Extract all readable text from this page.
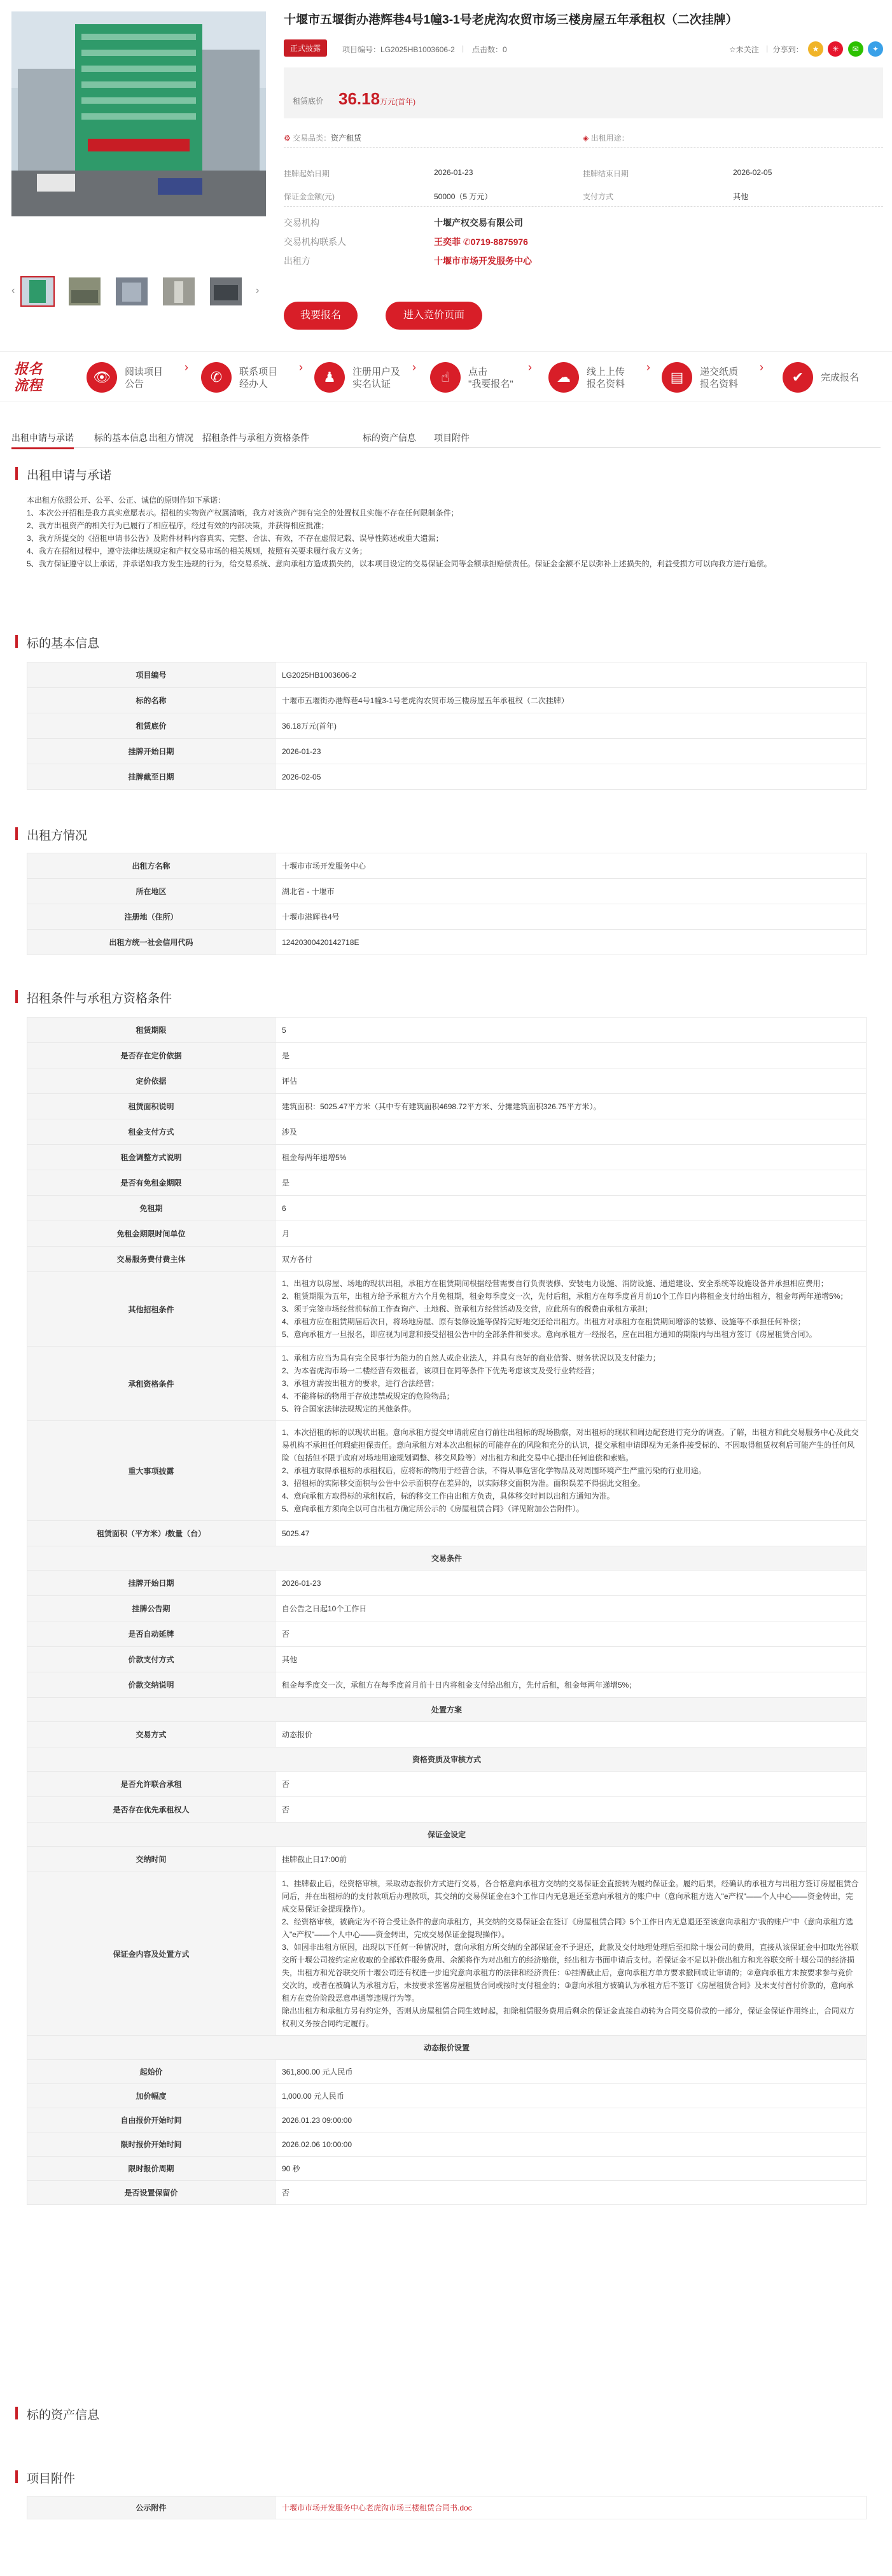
‹	›
十堰市五堰街办港辉巷4号1幢3-1号老虎沟农贸市场三楼房屋五年承租权（二次挂牌）
正式披露	项目编号：LG2025HB1003606-2 | 点击数：0	☆未关注 | 分享到： ★ ✳ ✉ ✦
租赁底价 36.18万元(首年)
⚙ 交易品类：资产租赁	◈ 出租用途：
挂牌起始日期	2026-01-23	挂牌结束日期	2026-02-05
保证金金额(元)	50000（5 万元）	支付方式	其他
交易机构	十堰产权交易有限公司
交易机构联系人	王奕菲 ✆0719-8875976
出租方	十堰市市场开发服务中心
我要报名	进入竞价页面
报名
流程
👁	阅读项目
公告
›
✆	联系项目
经办人
›
♟	注册用户及
实名认证
›
☝	点击
"我要报名"
›
☁	线上上传
报名资料
›
▤	递交纸质
报名资料
›
✔	完成报名
出租申请与承诺 标的基本信息 出租方情况 招租条件与承租方资格条件	标的资产信息 项目附件
出租申请与承诺
本出租方依照公开、公平、公正、诚信的原则作如下承诺：
1、本次公开招租是我方真实意愿表示。招租的实物资产权属清晰，我方对该资产拥有完全的处置权且实施不存在任何限制条件；
2、我方出租资产的相关行为已履行了相应程序，经过有效的内部决策，并获得相应批准；
3、我方所提交的《招租申请书公告》及附件材料内容真实、完整、合法、有效，不存在虚假记载、误导性陈述或重大遗漏；
4、我方在招租过程中，遵守法律法规规定和产权交易市场的相关规则，按照有关要求履行我方义务；
5、我方保证遵守以上承诺，并承诺如我方发生违规的行为，给交易系统、意向承租方造成损失的，以本项目设定的交易保证金同等金额承担赔偿责任。保证金金额不足以弥补上述损失的，利益受损方可以向我方进行追偿。
标的基本信息
项目编号	LG2025HB1003606-2
标的名称	十堰市五堰街办港辉巷4号1幢3-1号老虎沟农贸市场三楼房屋五年承租权（二次挂牌）
租赁底价	36.18万元(首年)
挂牌开始日期	2026-01-23
挂牌截至日期	2026-02-05
出租方情况
出租方名称	十堰市市场开发服务中心
所在地区	湖北省 - 十堰市
注册地（住所）	十堰市港辉巷4号
出租方统一社会信用代码	12420300420142718E
招租条件与承租方资格条件
租赁期限	5
是否存在定价依据	是
定价依据	评估
租赁面积说明	建筑面积：5025.47平方米（其中专有建筑面积4698.72平方米、分摊建筑面积326.75平方米）。
租金支付方式	涉及
租金调整方式说明	租金每两年递增5%
是否有免租金期限	是
免租期	6
免租金期限时间单位	月
交易服务费付费主体	双方各付
其他招租条件	1、出租方以房屋、场地的现状出租，承租方在租赁期间根据经营需要自行负责装修、安装电力设施、消防设施、通道建设、安全系统等设施设备并承担相应费用；
2、租赁期限为五年，出租方给予承租方六个月免租期，租金每季度交一次，先付后租，承租方在每季度首月前10个工作日内将租金支付给出租方，租金每两年递增5%；
3、须于完签市场经营前标前工作查询产、土地税、资承租方经营活动及交营，应此所有的税费由承租方承担；
4、承租方应在租赁期届后次日，将场地房屋、原有装修设施等保持完好地交还给出租方。出租方对承租方在租赁期间增添的装修、设施等不承担任何补偿；
5、意向承租方一旦报名，即应视为同意和接受招租公告中的全部条件和要求。意向承租方一经报名，应在出租方通知的期限内与出租方签订《房屋租赁合同》。

承租资格条件	1、承租方应当为具有完全民事行为能力的自然人或企业法人，并具有良好的商业信誉、财务状况以及支付能力；
2、为本省虎沟市场一二楼经营有效租者，该项目在同等条件下优先考虑该支及受行业转经营；
3、承租方需按出租方的要求，进行合法经营；
4、不能将标的物用于存放违禁或规定的危险物品；
5、符合国家法律法规规定的其他条件。

重大事项披露	1、本次招租的标的以现状出租。意向承租方提交申请前应自行前往出租标的现场勘察，对出租标的现状和周边配套进行充分的调查。了解，出租方和此交易服务中心及此交易机构不承担任何瑕疵担保责任。意向承租方对本次出租标的可能存在的风险和充分的认识，提交承租申请即视为无条件接受标的、不因取得租赁权利后可能产生的任何风险（包括但不限于政府对场地用途规划调整、移交风险等）对出租方和此交易中心提出任何追偿和索赔。
2、承租方取得承租标的承租权后，应将标的物用于经营合法，不得从事危害化学物品及对周围环境产生严重污染的行业用途。
3、招租标的实际移交面积与公告中公示面积存在差异的，以实际移交面积为准。面积误差不得据此交租金。
4、意向承租方取得标的承租权后，标的移交工作由出租方负责，具体移交时间以出租方通知为准。
5、意向承租方须向全以可自出租方确定所公示的《房屋租赁合同》（详见附加公告附件）。

租赁面积（平方米）/数量（台）	5025.47
交易条件	
挂牌开始日期	2026-01-23
挂牌公告期	自公告之日起10个工作日
是否自动延牌	否
价款支付方式	其他
价款交纳说明	租金每季度交一次，承租方在每季度首月前十日内将租金支付给出租方，先付后租，租金每两年递增5%；
处置方案	
交易方式	动态报价
资格资质及审核方式	
是否允许联合承租	否
是否存在优先承租权人	否
保证金设定	
交纳时间	挂牌截止日17:00前
保证金内容及处置方式	1、挂牌截止后，经资格审核，采取动态报价方式进行交易，各合格意向承租方交纳的交易保证金直接转为履约保证金。履约后果，经确认的承租方与出租方签订房屋租赁合同后，并在出租标的的支付款项后办理款项，其交纳的交易保证金在3个工作日内无息退还至意向承租方的账户中（意向承租方选入"e产权"——个人中心——资金转出，完成交易保证金提现操作）。
2、经资格审核，被确定为不符合受让条件的意向承租方，其交纳的交易保证金在签订《房屋租赁合同》5个工作日内无息退还至该意向承租方"我的账户"中（意向承租方选入"e产权"——个人中心——资金转出，完成交易保证金提现操作）。
3、如因非出租方原因，出现以下任何一种情况时，意向承租方所交纳的全部保证金不予退还，此款及交付地理处理后至扣除十堰公司的费用，直接从该保证金中扣取光谷联交所十堰公司按约定应收取的全部软件服务费用、余额将作为对出租方的经济赔偿，经出租方书面申请后支付。若保证金不足以补偿出租方和光谷联交所十堰公司的经济损失，出租方和光谷联交所十堰公司还有权进一步追究意向承租方的法律和经济责任：①挂牌截止后，意向承租方单方要求撤回或让审请的；②意向承租方未按要求参与竞价交次的，或者在被确认为承租方后，未按要求签署房屋租赁合同或按时支付租金的；③意向承租方被确认为承租方后不签订《房屋租赁合同》及未支付首付价款的，意向承租方在竞价阶段恶意串通等违规行为等。
除出出租方和承租方另有约定外，否则从房屋租赁合同生效时起，扣除租赁服务费用后剩余的保证金直接自动转为合同交易价款的一部分，保证金保证作用终止，合同双方权利义务按合同约定履行。

动态报价设置	
起始价	361,800.00 元人民币
加价幅度	1,000.00 元人民币
自由报价开始时间	2026.01.23 09:00:00
限时报价开始时间	2026.02.06 10:00:00
限时报价周期	90 秒
是否设置保留价	否
标的资产信息
项目附件
公示附件	十堰市市场开发服务中心老虎沟市场三楼租赁合同书.doc
